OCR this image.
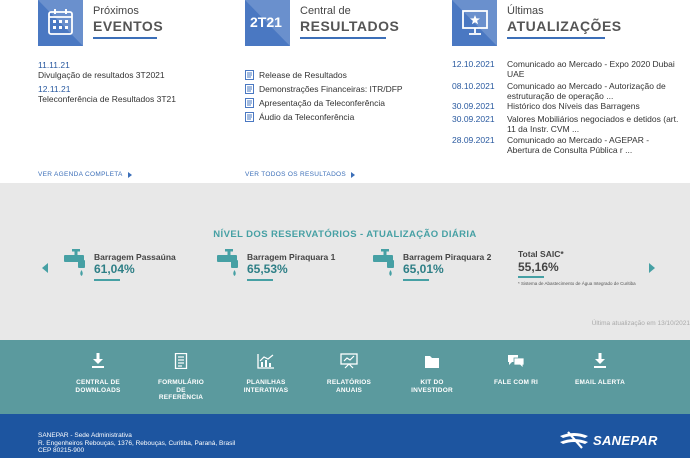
Próximos
EVENTOS
11.11.21
Divulgação de resultados 3T2021
12.11.21
Teleconferência de Resultados 3T21
VER AGENDA COMPLETA
2T21
Central de
RESULTADOS
Release de Resultados
Demonstrações Financeiras: ITR/DFP
Apresentação da Teleconferência
Áudio da Teleconferência
VER TODOS OS RESULTADOS
Últimas
ATUALIZAÇÕES
12.10.2021	Comunicado ao Mercado - Expo 2020 Dubai UAE
08.10.2021	Comunicado ao Mercado - Autorização de estruturação de operação ...
30.09.2021	Histórico dos Níveis das Barragens
30.09.2021	Valores Mobiliários negociados e detidos (art. 11 da Instr. CVM ...
28.09.2021	Comunicado ao Mercado - AGEPAR - Abertura de Consulta Pública r ...
NÍVEL DOS RESERVATÓRIOS - ATUALIZAÇÃO DIÁRIA
Barragem Passaúna
61,04%
Barragem Piraquara 1
65,53%
Barragem Piraquara 2
65,01%
Total SAIC*
55,16%
* Sistema de Abastecimento de Água Integrado de Curitiba
Última atualização em 13/10/2021
CENTRAL DE
DOWNLOADS
FORMULÁRIO
DE
REFERÊNCIA
PLANILHAS
INTERATIVAS
RELATÓRIOS
ANUAIS
KIT DO
INVESTIDOR
FALE COM RI	EMAIL ALERTA
SANEPAR - Sede Administrativa
R. Engenheiros Rebouças, 1376, Rebouças, Curitiba, Paraná, Brasil
CEP 80215-900
SANEPAR
